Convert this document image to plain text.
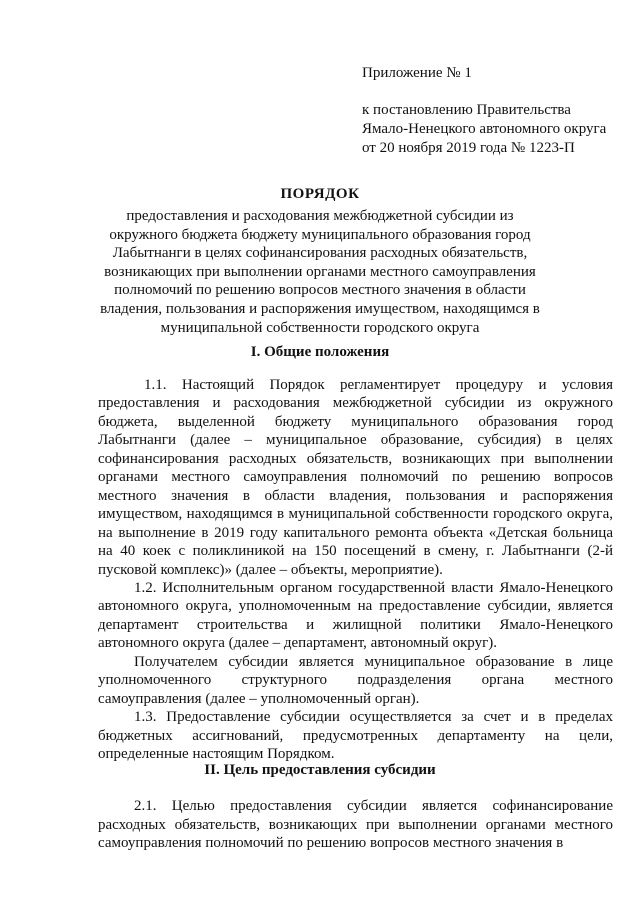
Приложение № 1
к постановлению Правительства
Ямало-Ненецкого автономного округа
от 20 ноября 2019 года № 1223-П
ПОРЯДОК
предоставления и расходования межбюджетной субсидии из окружного бюджета бюджету муниципального образования город Лабытнанги в целях софинансирования расходных обязательств, возникающих при выполнении органами местного самоуправления полномочий по решению вопросов местного значения в области владения, пользования и распоряжения имуществом, находящимся в муниципальной собственности городского округа
I. Общие положения

1.1. Настоящий Порядок регламентирует процедуру и условия предоставления и расходования межбюджетной субсидии из окружного бюджета, выделенной бюджету муниципального образования город Лабытнанги (далее – муниципальное образование, субсидия) в целях софинансирования расходных обязательств, возникающих при выполнении органами местного самоуправления полномочий по решению вопросов местного значения в области владения, пользования и распоряжения имуществом, находящимся в муниципальной собственности городского округа, на выполнение в 2019 году капитального ремонта объекта «Детская больница на 40 коек с поликлиникой на 150 посещений в смену, г. Лабытнанги (2-й пусковой комплекс)» (далее – объекты, мероприятие).

1.2. Исполнительным органом государственной власти Ямало-Ненецкого автономного округа, уполномоченным на предоставление субсидии, является департамент строительства и жилищной политики Ямало-Ненецкого автономного округа (далее – департамент, автономный округ).

Получателем субсидии является муниципальное образование в лице уполномоченного структурного подразделения органа местного самоуправления (далее – уполномоченный орган).

1.3. Предоставление субсидии осуществляется за счет и в пределах бюджетных ассигнований, предусмотренных департаменту на цели, определенные настоящим Порядком.

II. Цель предоставления субсидии

2.1. Целью предоставления субсидии является софинансирование расходных обязательств, возникающих при выполнении органами местного самоуправления полномочий по решению вопросов местного значения в
